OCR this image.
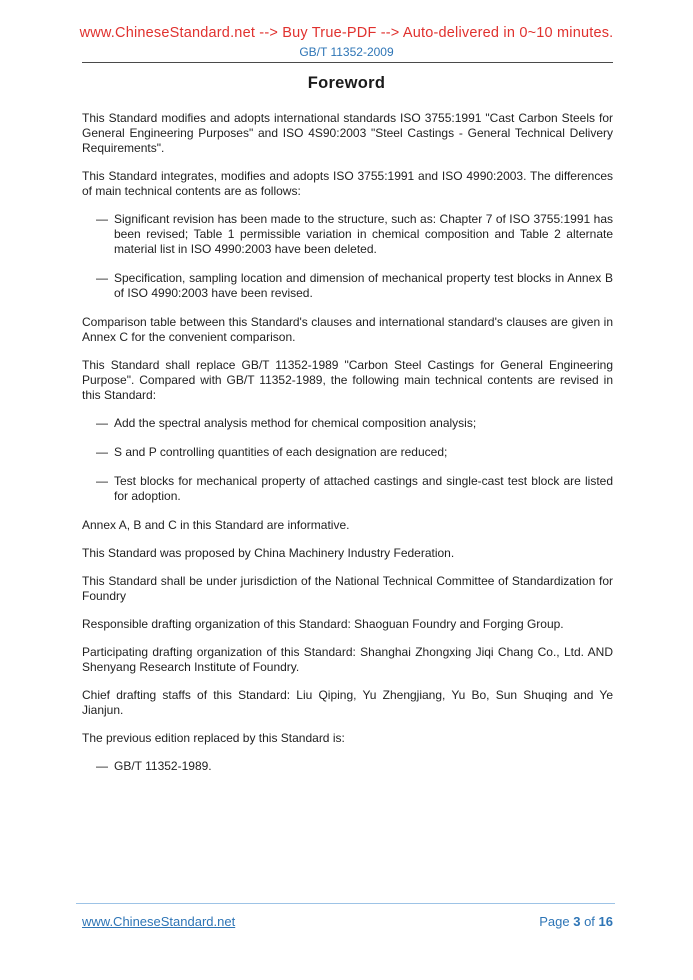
www.ChineseStandard.net --> Buy True-PDF --> Auto-delivered in 0~10 minutes.
GB/T 11352-2009
Foreword

This Standard modifies and adopts international standards ISO 3755:1991 "Cast Carbon Steels for General Engineering Purposes" and ISO 4S90:2003 "Steel Castings - General Technical Delivery Requirements".

This Standard integrates, modifies and adopts ISO 3755:1991 and ISO 4990:2003. The differences of main technical contents are as follows:

— Significant revision has been made to the structure, such as: Chapter 7 of ISO 3755:1991 has been revised; Table 1 permissible variation in chemical composition and Table 2 alternate material list in ISO 4990:2003 have been deleted.
— Specification, sampling location and dimension of mechanical property test blocks in Annex B of ISO 4990:2003 have been revised.

Comparison table between this Standard's clauses and international standard's clauses are given in Annex C for the convenient comparison.

This Standard shall replace GB/T 11352-1989 "Carbon Steel Castings for General Engineering Purpose". Compared with GB/T 11352-1989, the following main technical contents are revised in this Standard:

— Add the spectral analysis method for chemical composition analysis;
— S and P controlling quantities of each designation are reduced;
— Test blocks for mechanical property of attached castings and single-cast test block are listed for adoption.

Annex A, B and C in this Standard are informative.

This Standard was proposed by China Machinery Industry Federation.

This Standard shall be under jurisdiction of the National Technical Committee of Standardization for Foundry

Responsible drafting organization of this Standard: Shaoguan Foundry and Forging Group.

Participating drafting organization of this Standard: Shanghai Zhongxing Jiqi Chang Co., Ltd. AND Shenyang Research Institute of Foundry.

Chief drafting staffs of this Standard: Liu Qiping, Yu Zhengjiang, Yu Bo, Sun Shuqing and Ye Jianjun.

The previous edition replaced by this Standard is:

— GB/T 11352-1989.
www.ChineseStandard.net	Page 3 of 16
